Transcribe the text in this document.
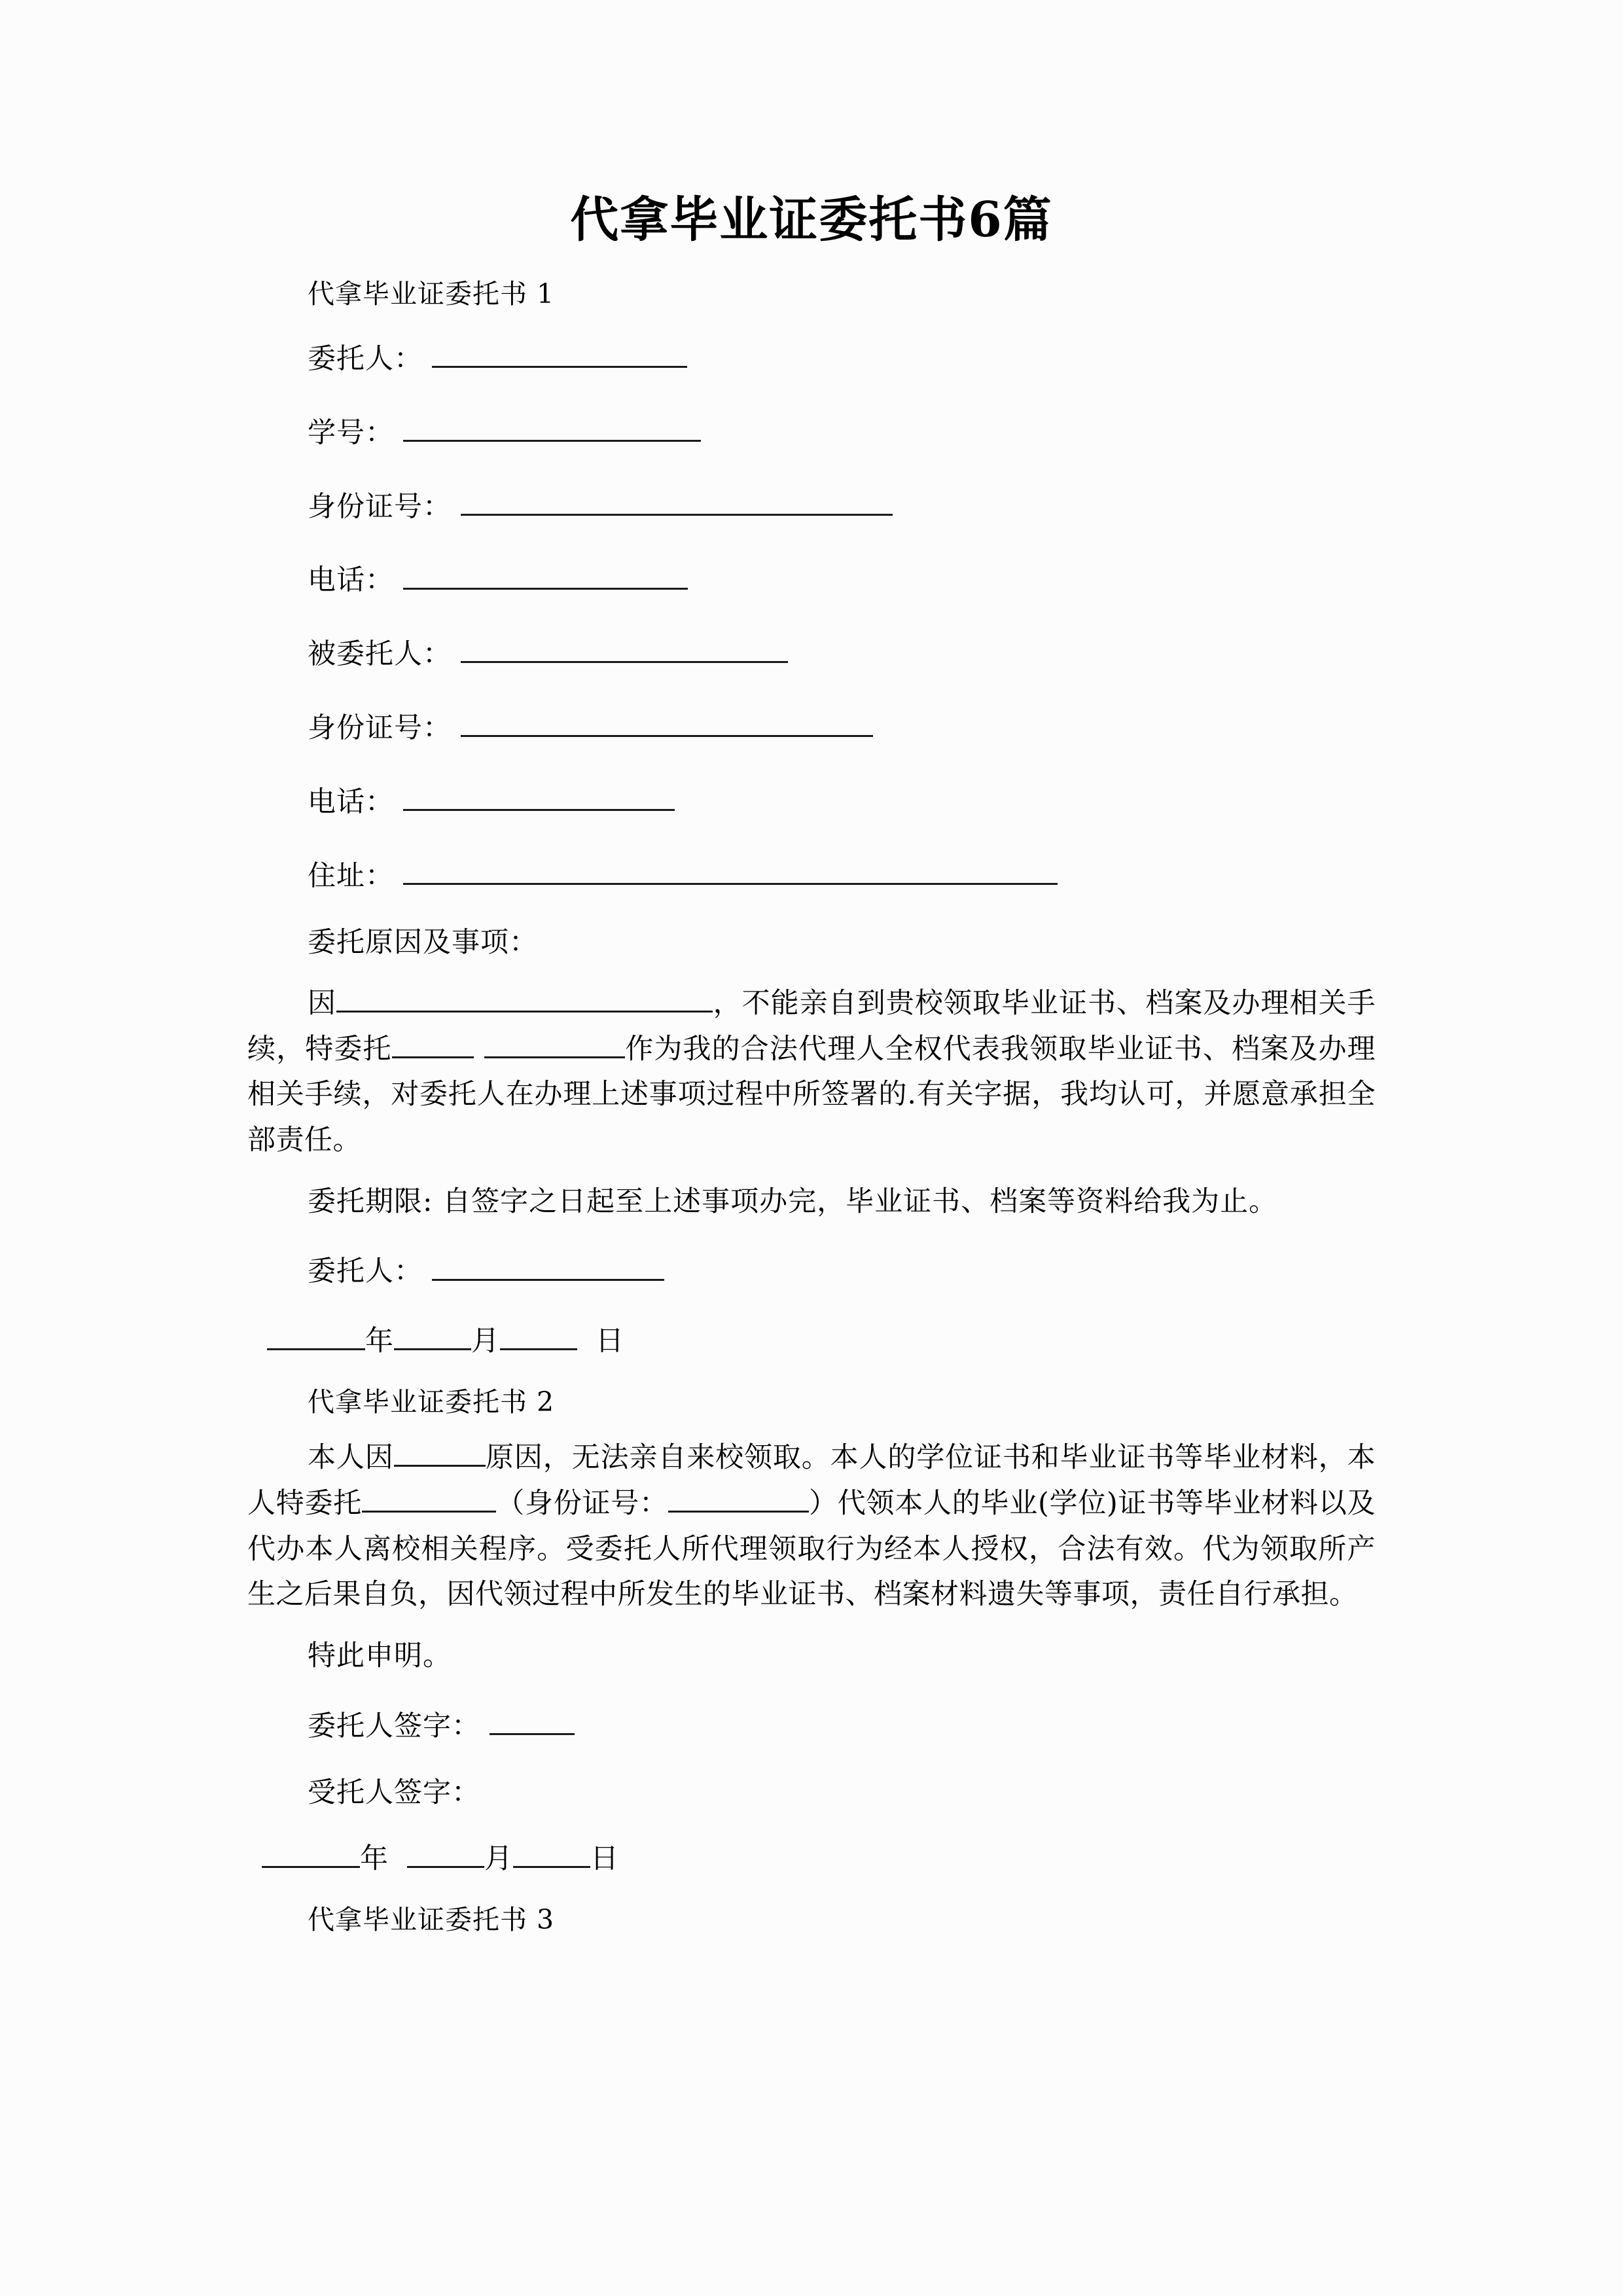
代拿毕业证委托书6篇
代拿毕业证委托书 1
委托人：
学号：
身份证号：
电话：
被委托人：
身份证号：
电话：
住址：
委托原因及事项：

因	，不能亲自到贵校领取毕业证书、档案及办理相关手续，特委托	作为我的合法代理人全权代表我领取毕业证书、档案及办理相关手续，对委托人在办理上述事项过程中所签署的.有关字据，我均认可，并愿意承担全部责任。

委托期限: 自签字之日起至上述事项办完，毕业证书、档案等资料给我为止。
委托人：
年	月	日
代拿毕业证委托书 2

本人因	原因，无法亲自来校领取。本人的学位证书和毕业证书等毕业材料，本人特委托	（身份证号：	）代领本人的毕业(学位)证书等毕业材料以及代办本人离校相关程序。受委托人所代理领取行为经本人授权，合法有效。代为领取所产生之后果自负，因代领过程中所发生的毕业证书、档案材料遗失等事项，责任自行承担。

特此申明。
委托人签字：
受托人签字：
年	月	日
代拿毕业证委托书 3
